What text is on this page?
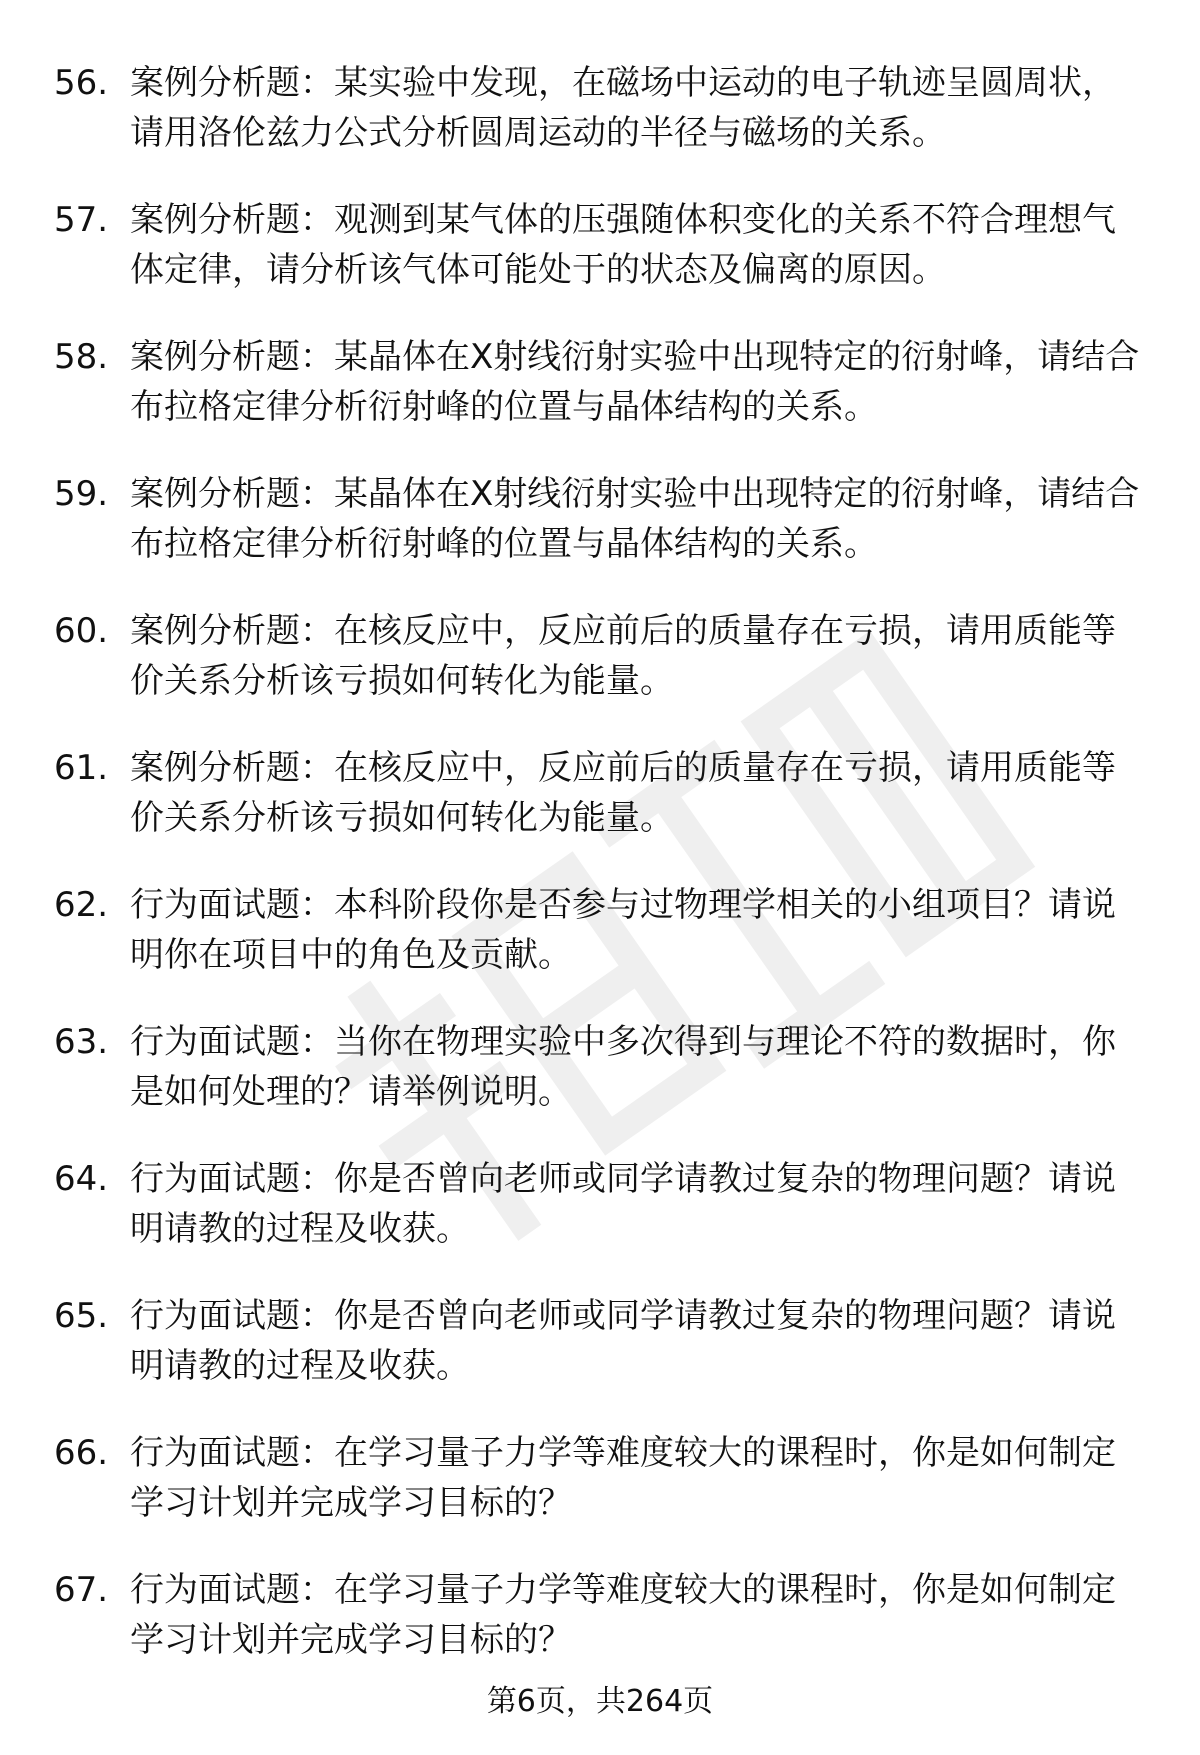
56. 案例分析题：某实验中发现，在磁场中运动的电子轨迹呈圆周状，请用洛伦兹力公式分析圆周运动的半径与磁场的关系。
57. 案例分析题：观测到某气体的压强随体积变化的关系不符合理想气体定律，请分析该气体可能处于的状态及偏离的原因。
58. 案例分析题：某晶体在X射线衍射实验中出现特定的衍射峰，请结合布拉格定律分析衍射峰的位置与晶体结构的关系。
59. 案例分析题：某晶体在X射线衍射实验中出现特定的衍射峰，请结合布拉格定律分析衍射峰的位置与晶体结构的关系。
60. 案例分析题：在核反应中，反应前后的质量存在亏损，请用质能等价关系分析该亏损如何转化为能量。
61. 案例分析题：在核反应中，反应前后的质量存在亏损，请用质能等价关系分析该亏损如何转化为能量。
62. 行为面试题：本科阶段你是否参与过物理学相关的小组项目？请说明你在项目中的角色及贡献。
63. 行为面试题：当你在物理实验中多次得到与理论不符的数据时，你是如何处理的？请举例说明。
64. 行为面试题：你是否曾向老师或同学请教过复杂的物理问题？请说明请教的过程及收获。
65. 行为面试题：你是否曾向老师或同学请教过复杂的物理问题？请说明请教的过程及收获。
66. 行为面试题：在学习量子力学等难度较大的课程时，你是如何制定学习计划并完成学习目标的？
67. 行为面试题：在学习量子力学等难度较大的课程时，你是如何制定学习计划并完成学习目标的？
第6页，共264页
